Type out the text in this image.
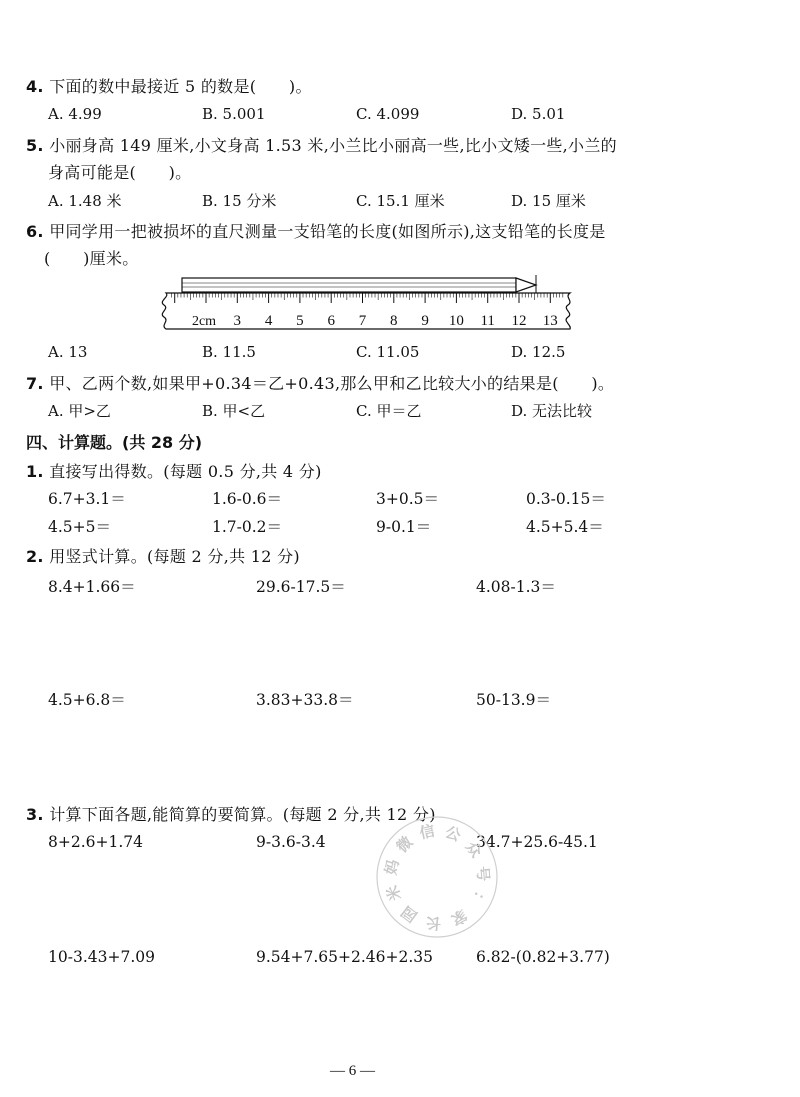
4. 下面的数中最接近 5 的数是(　　)。
A. 4.99	B. 5.001	C. 4.099	D. 5.01
5. 小丽身高 149 厘米,小文身高 1.53 米,小兰比小丽高一些,比小文矮一些,小兰的
身高可能是(　　)。
A. 1.48 米	B. 15 分米	C. 15.1 厘米	D. 15 厘米
6. 甲同学用一把被损坏的直尺测量一支铅笔的长度(如图所示),这支铅笔的长度是
(　　)厘米。
2cm 3 4 5 6 7 8 9 10 11 12 13
A. 13	B. 11.5	C. 11.05	D. 12.5
7. 甲、乙两个数,如果甲+0.34＝乙+0.43,那么甲和乙比较大小的结果是(　　)。
A. 甲>乙	B. 甲<乙	C. 甲＝乙	D. 无法比较
四、计算题。(共 28 分)
1. 直接写出得数。(每题 0.5 分,共 4 分)
6.7+3.1＝	1.6-0.6＝	3+0.5＝	0.3-0.15＝
4.5+5＝	1.7-0.2＝	9-0.1＝	4.5+5.4＝
2. 用竖式计算。(每题 2 分,共 12 分)
8.4+1.66＝	29.6-17.5＝	4.08-1.3＝
4.5+6.8＝	3.83+33.8＝	50-13.9＝
3. 计算下面各题,能简算的要简算。(每题 2 分,共 12 分)
8+2.6+1.74	9-3.6-3.4	34.7+25.6-45.1
10-3.43+7.09	9.54+7.65+2.46+2.35	6.82-(0.82+3.77)
微
信 公
众
号
：
家
长
园
米
妈
— 6 —
